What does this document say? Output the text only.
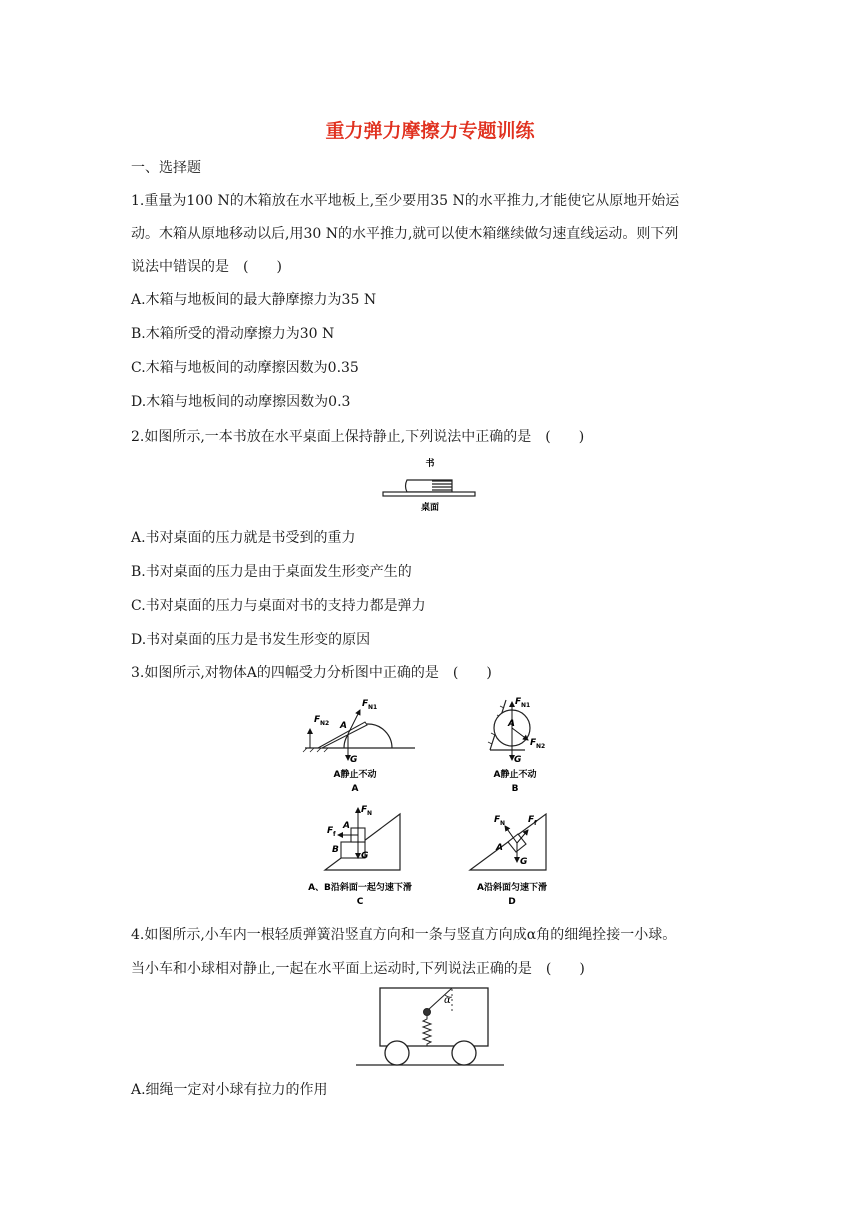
重力弹力摩擦力专题训练
一、选择题
1.重量为100 N的木箱放在水平地板上,至少要用35 N的水平推力,才能使它从原地开始运
动。木箱从原地移动以后,用30 N的水平推力,就可以使木箱继续做匀速直线运动。则下列
说法中错误的是　(　　)
A.木箱与地板间的最大静摩擦力为35 N
B.木箱所受的滑动摩擦力为30 N
C.木箱与地板间的动摩擦因数为0.35
D.木箱与地板间的动摩擦因数为0.3
2.如图所示,一本书放在水平桌面上保持静止,下列说法中正确的是　(　　)
书
桌面
A.书对桌面的压力就是书受到的重力
B.书对桌面的压力是由于桌面发生形变产生的
C.书对桌面的压力与桌面对书的支持力都是弹力
D.书对桌面的压力是书发生形变的原因
3.如图所示,对物体A的四幅受力分析图中正确的是　(　　)
F N1
F N2 A
G
A静止不动
A
F N1
A
F N2
G
A静止不动
B
F N
F f
A
B
G
A、B沿斜面一起匀速下滑
C
F N	F f
A
G
A沿斜面匀速下滑
D
4.如图所示,小车内一根轻质弹簧沿竖直方向和一条与竖直方向成α角的细绳拴接一小球。
当小车和小球相对静止,一起在水平面上运动时,下列说法正确的是　(　　)
α
A.细绳一定对小球有拉力的作用
